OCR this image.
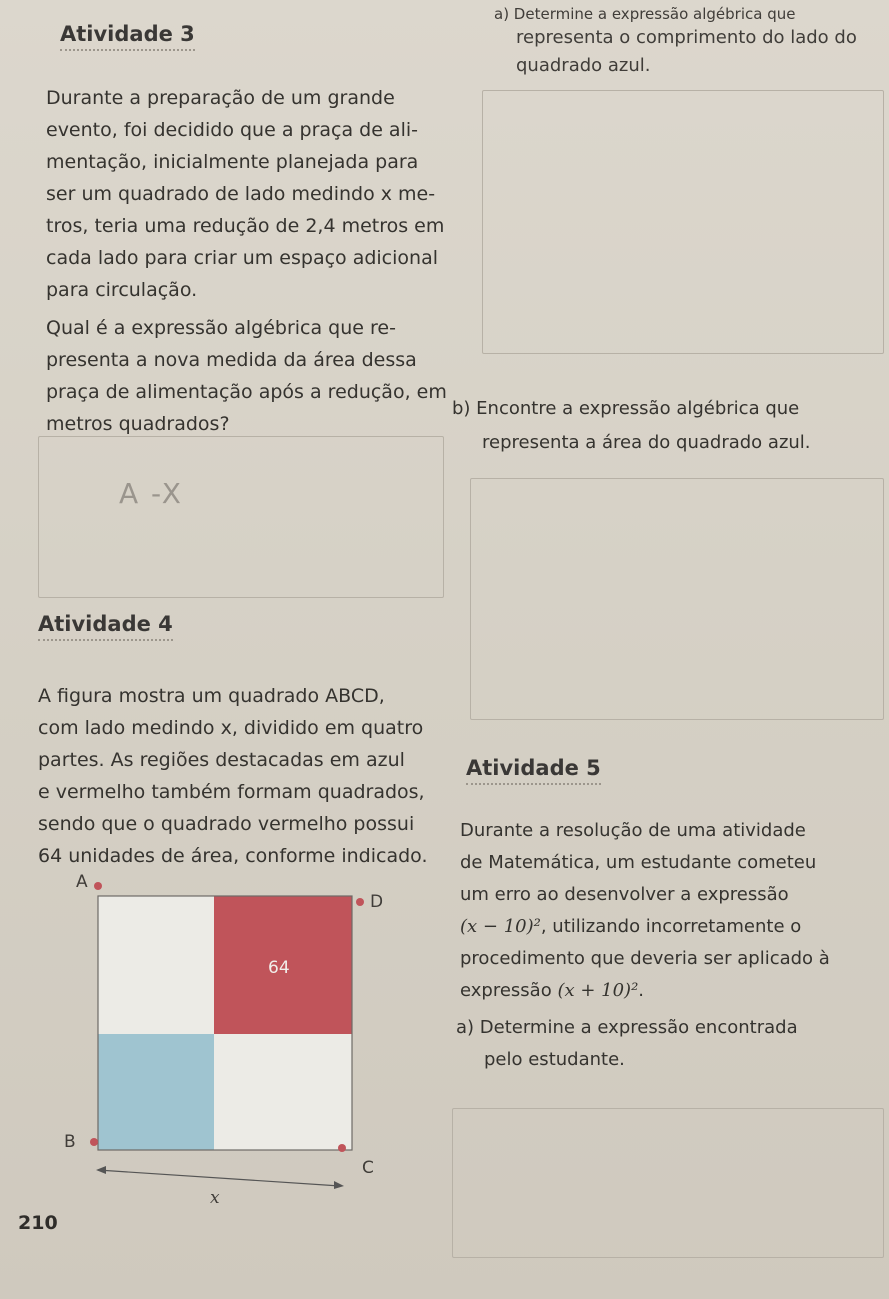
Atividade 3

Durante a preparação de um grande

evento, foi decidido que a praça de ali-

mentação, inicialmente planejada para

ser um quadrado de lado medindo x me-

tros, teria uma redução de 2,4 metros em

cada lado para criar um espaço adicional

para circulação.

Qual é a expressão algébrica que re-

presenta a nova medida da área dessa

praça de alimentação após a redução, em

metros quadrados?

A -X
a) Determine a expressão algébrica que
representa o comprimento do lado do
quadrado azul.
b) Encontre a expressão algébrica que
representa a área do quadrado azul.
Atividade 4

A figura mostra um quadrado ABCD,

com lado medindo x, dividido em quatro

partes. As regiões destacadas em azul

e vermelho também formam quadrados,

sendo que o quadrado vermelho possui

64 unidades de área, conforme indicado.

A
D
B
C
64
x
Atividade 5
Durante a resolução de uma atividade
de Matemática, um estudante cometeu
um erro ao desenvolver a expressão
(x − 10)², utilizando incorretamente o
procedimento que deveria ser aplicado à
expressão (x + 10)².
a) Determine a expressão encontrada
pelo estudante.
210
